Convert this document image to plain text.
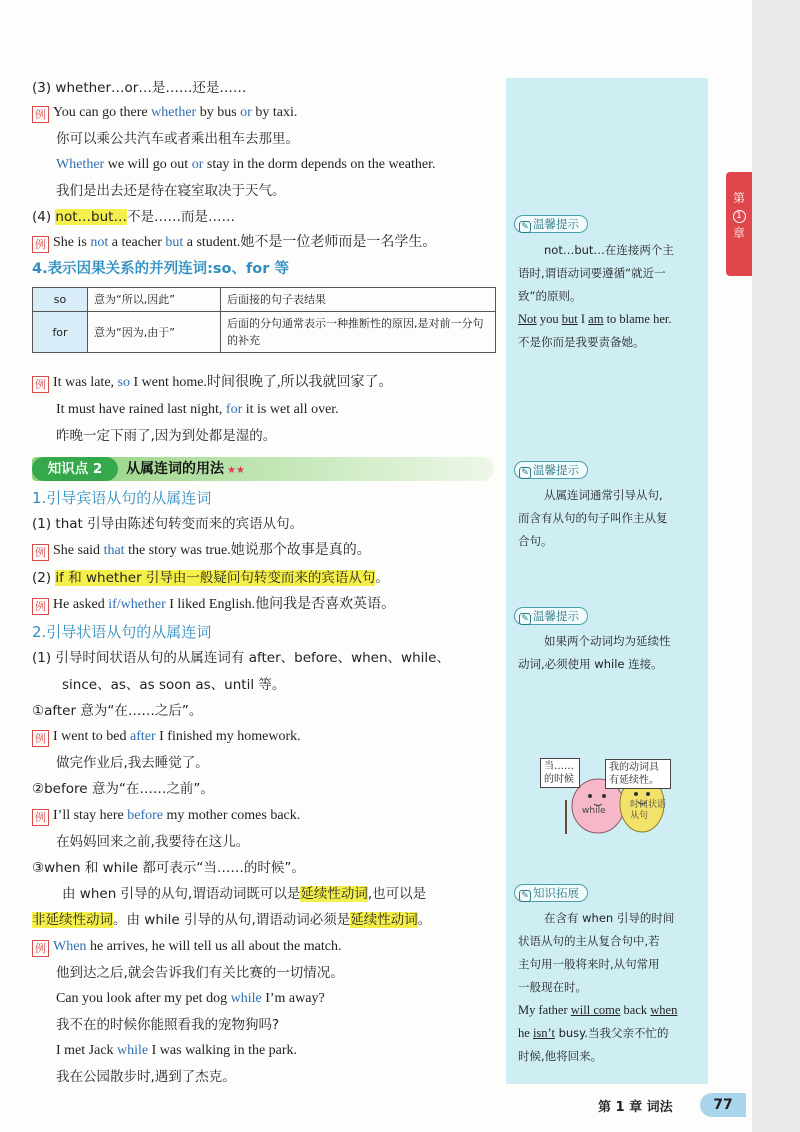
(3) whether…or…是……还是……
例 You can go there whether by bus or by taxi.
你可以乘公共汽车或者乘出租车去那里。
Whether we will go out or stay in the dorm depends on the weather.
我们是出去还是待在寝室取决于天气。
(4) not…but…不是……而是……
例 She is not a teacher but a student.她不是一位老师而是一名学生。
4.表示因果关系的并列连词:so、for 等
so	意为“所以,因此”	后面接的句子表结果
for	意为“因为,由于”	后面的分句通常表示一种推断性的原因,是对前一分句的补充
例 It was late, so I went home.时间很晚了,所以我就回家了。
It must have rained last night, for it is wet all over.
昨晚一定下雨了,因为到处都是湿的。
知识点 2	从属连词的用法 ★★
1.引导宾语从句的从属连词
(1) that 引导由陈述句转变而来的宾语从句。
例 She said that the story was true.她说那个故事是真的。
(2) if 和 whether 引导由一般疑问句转变而来的宾语从句。
例 He asked if/whether I liked English.他问我是否喜欢英语。
2.引导状语从句的从属连词
(1) 引导时间状语从句的从属连词有 after、before、when、while、
since、as、as soon as、until 等。
①after 意为“在……之后”。
例 I went to bed after I finished my homework.
做完作业后,我去睡觉了。
②before 意为“在……之前”。
例 I’ll stay here before my mother comes back.
在妈妈回来之前,我要待在这儿。
③when 和 while 都可表示“当……的时候”。
由 when 引导的从句,谓语动词既可以是延续性动词,也可以是
非延续性动词。由 while 引导的从句,谓语动词必须是延续性动词。
例 When he arrives, he will tell us all about the match.
他到达之后,就会告诉我们有关比赛的一切情况。
Can you look after my pet dog while I’m away?
我不在的时候你能照看我的宠物狗吗?
I met Jack while I was walking in the park.
我在公园散步时,遇到了杰克。
✎ 温馨提示
not…but…在连接两个主
语时,谓语动词要遵循“就近一
致”的原则。
Not you but I am to blame her.
不是你而是我要责备她。
✎ 温馨提示
从属连词通常引导从句,
而含有从句的句子叫作主从复
合句。
✎ 温馨提示
如果两个动词均为延续性
动词,必须使用 while 连接。
当……的时候
我的动词具有延续性。
while
时间状语从句
✎ 知识拓展
在含有 when 引导的时间
状语从句的主从复合句中,若
主句用一般将来时,从句常用
一般现在时。
My father will come back when
he isn’t busy.当我父亲不忙的
时候,他将回来。
第
1
章
第 1 章 词法	77
